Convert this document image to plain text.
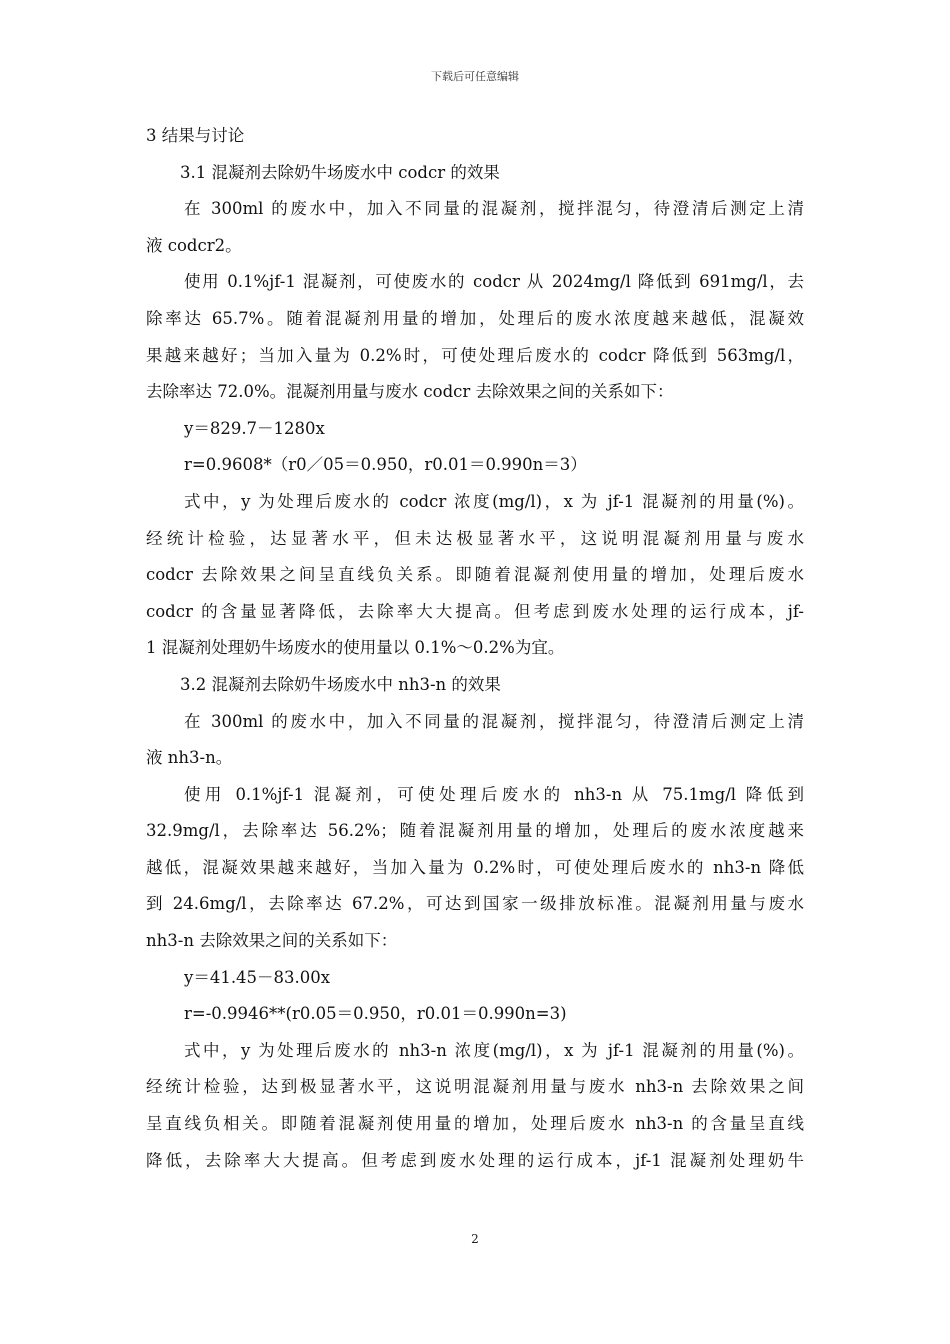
下载后可任意编辑
3 结果与讨论
3.1 混凝剂去除奶牛场废水中 codcr 的效果
在 300ml 的废水中，加入不同量的混凝剂，搅拌混匀，待澄清后测定上清
液 codcr2。
使用 0.1%jf-1 混凝剂，可使废水的 codcr 从 2024mg/l 降低到 691mg/l，去
除率达 65.7%。随着混凝剂用量的增加，处理后的废水浓度越来越低，混凝效
果越来越好；当加入量为 0.2%时，可使处理后废水的 codcr 降低到 563mg/l，
去除率达 72.0%。混凝剂用量与废水 codcr 去除效果之间的关系如下：
y＝829.7－1280x
r=0.9608*（r0／05＝0.950，r0.01＝0.990n＝3）
式中，y 为处理后废水的 codcr 浓度(mg/l)，x 为 jf-1 混凝剂的用量(%)。
经统计检验，达显著水平，但未达极显著水平，这说明混凝剂用量与废水
codcr 去除效果之间呈直线负关系。即随着混凝剂使用量的增加，处理后废水
codcr 的含量显著降低，去除率大大提高。但考虑到废水处理的运行成本，jf-
1 混凝剂处理奶牛场废水的使用量以 0.1%～0.2%为宜。
3.2 混凝剂去除奶牛场废水中 nh3-n 的效果
在 300ml 的废水中，加入不同量的混凝剂，搅拌混匀，待澄清后测定上清
液 nh3-n。
使用 0.1%jf-1 混凝剂，可使处理后废水的 nh3-n 从 75.1mg/l 降低到
32.9mg/l，去除率达 56.2%；随着混凝剂用量的增加，处理后的废水浓度越来
越低，混凝效果越来越好，当加入量为 0.2%时，可使处理后废水的 nh3-n 降低
到 24.6mg/l，去除率达 67.2%，可达到国家一级排放标准。混凝剂用量与废水
nh3-n 去除效果之间的关系如下：
y＝41.45－83.00x
r=-0.9946**(r0.05＝0.950，r0.01＝0.990n=3)
式中，y 为处理后废水的 nh3-n 浓度(mg/l)，x 为 jf-1 混凝剂的用量(%)。
经统计检验，达到极显著水平，这说明混凝剂用量与废水 nh3-n 去除效果之间
呈直线负相关。即随着混凝剂使用量的增加，处理后废水 nh3-n 的含量呈直线
降低，去除率大大提高。但考虑到废水处理的运行成本，jf-1 混凝剂处理奶牛
2
